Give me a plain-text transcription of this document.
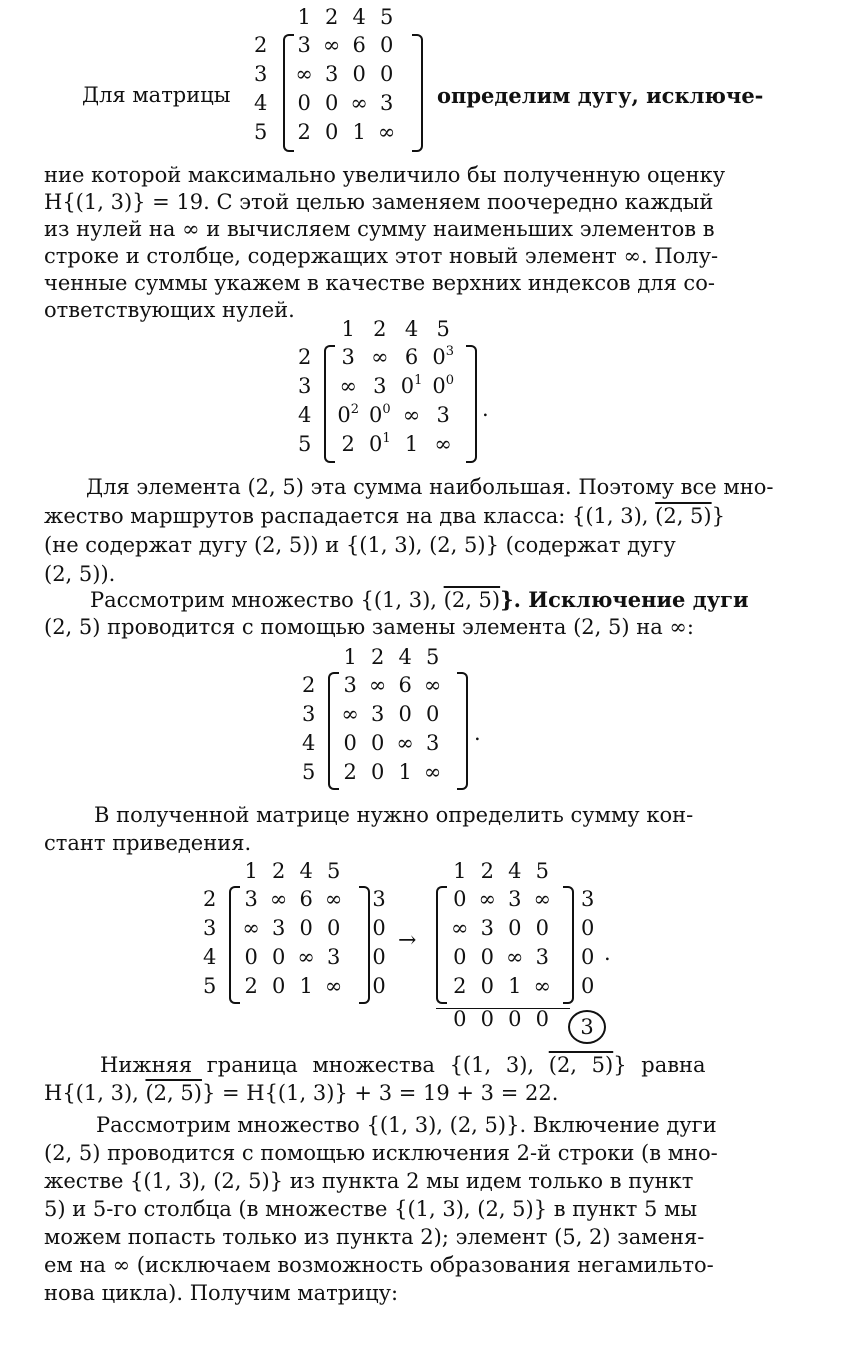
Для матрицы
		1	2	4	5
2		3	∞	6	0
3		∞	3	0	0
4		0	0	∞	3
5		2	0	1	∞
определим дугу, исключе-
ние которой максимально увеличило бы полученную оценку
H{(1, 3)} = 19. С этой целью заменяем поочередно каждый
из нулей на ∞ и вычисляем сумму наименьших элементов в
строке и столбце, содержащих этот новый элемент ∞. Полу-
ченные суммы укажем в качестве верхних индексов для со-
ответствующих нулей.
		1	2	4	5
2		3	∞	6	$0^3$
3		∞	3	$0^1$	$0^0$
4		$0^2$	$0^0$	∞	3
5		2	$0^1$	1	∞
.
Для элемента (2, 5) эта сумма наибольшая. Поэтому все мно-
жество маршрутов распадается на два класса: {(1, 3), (2, 5)}
(не содержат дугу (2, 5)) и {(1, 3), (2, 5)} (содержат дугу
(2, 5)).
Рассмотрим множество {(1, 3), (2, 5)}. Исключение дуги
(2, 5) проводится с помощью замены элемента (2, 5) на ∞:
		1	2	4	5
2		3	∞	6	∞
3		∞	3	0	0
4		0	0	∞	3
5		2	0	1	∞
.
В полученной матрице нужно определить сумму кон-
стант приведения.
		1	2	4	5		
2		3	∞	6	∞		3
3		∞	3	0	0		0
4		0	0	∞	3		0
5		2	0	1	∞		0
→
	1	2	4	5		
	0	∞	3	∞		3
	∞	3	0	0		0
	0	0	∞	3		0
	2	0	1	∞		0
	0	0	0	0			3
.
Нижняя граница множества {(1, 3), (2, 5)} равна
H{(1, 3), (2, 5)} = H{(1, 3)} + 3 = 19 + 3 = 22.
Рассмотрим множество {(1, 3), (2, 5)}. Включение дуги
(2, 5) проводится с помощью исключения 2-й строки (в мно-
жестве {(1, 3), (2, 5)} из пункта 2 мы идем только в пункт
5) и 5-го столбца (в множестве {(1, 3), (2, 5)} в пункт 5 мы
можем попасть только из пункта 2); элемент (5, 2) заменя-
ем на ∞ (исключаем возможность образования негамильто-
нова цикла). Получим матрицу:
